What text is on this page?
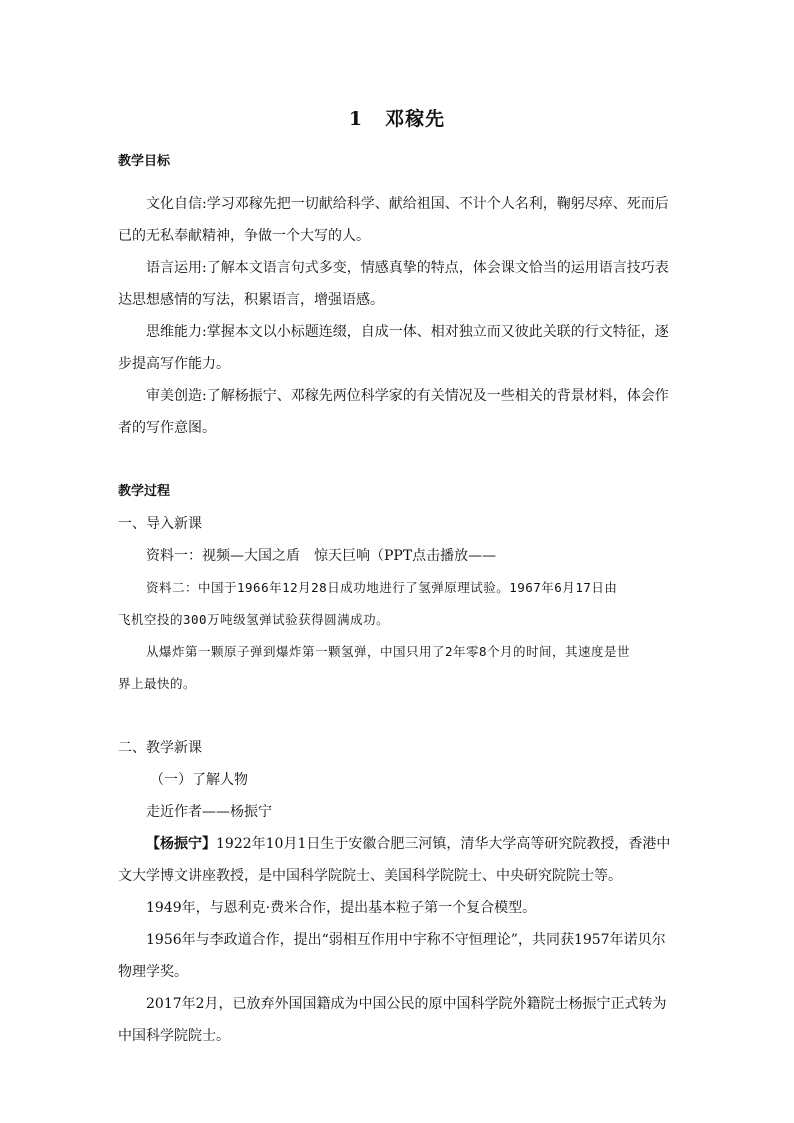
1 邓稼先
教学目标
文化自信:学习邓稼先把一切献给科学、献给祖国、不计个人名利，鞠躬尽瘁、死而后
已的无私奉献精神，争做一个大写的人。
语言运用:了解本文语言句式多变，情感真挚的特点，体会课文恰当的运用语言技巧表
达思想感情的写法，积累语言，增强语感。
思维能力:掌握本文以小标题连缀，自成一体、相对独立而又彼此关联的行文特征，逐
步提高写作能力。
审美创造:了解杨振宁、邓稼先两位科学家的有关情况及一些相关的背景材料，体会作
者的写作意图。
教学过程
一、导入新课
资料一：视频—大国之盾　惊天巨响（PPT点击播放——
资料二：中国于1966年12月28日成功地进行了氢弹原理试验。1967年6月17日由
飞机空投的300万吨级氢弹试验获得圆满成功。
从爆炸第一颗原子弹到爆炸第一颗氢弹，中国只用了2年零8个月的时间，其速度是世
界上最快的。
二、教学新课
（一）了解人物
走近作者——杨振宁
【杨振宁】1922年10月1日生于安徽合肥三河镇，清华大学高等研究院教授，香港中
文大学博文讲座教授，是中国科学院院士、美国科学院院士、中央研究院院士等。
1949年，与恩利克·费米合作，提出基本粒子第一个复合模型。
1956年与李政道合作，提出“弱相互作用中宇称不守恒理论”，共同获1957年诺贝尔
物理学奖。
2017年2月，已放弃外国国籍成为中国公民的原中国科学院外籍院士杨振宁正式转为
中国科学院院士。
